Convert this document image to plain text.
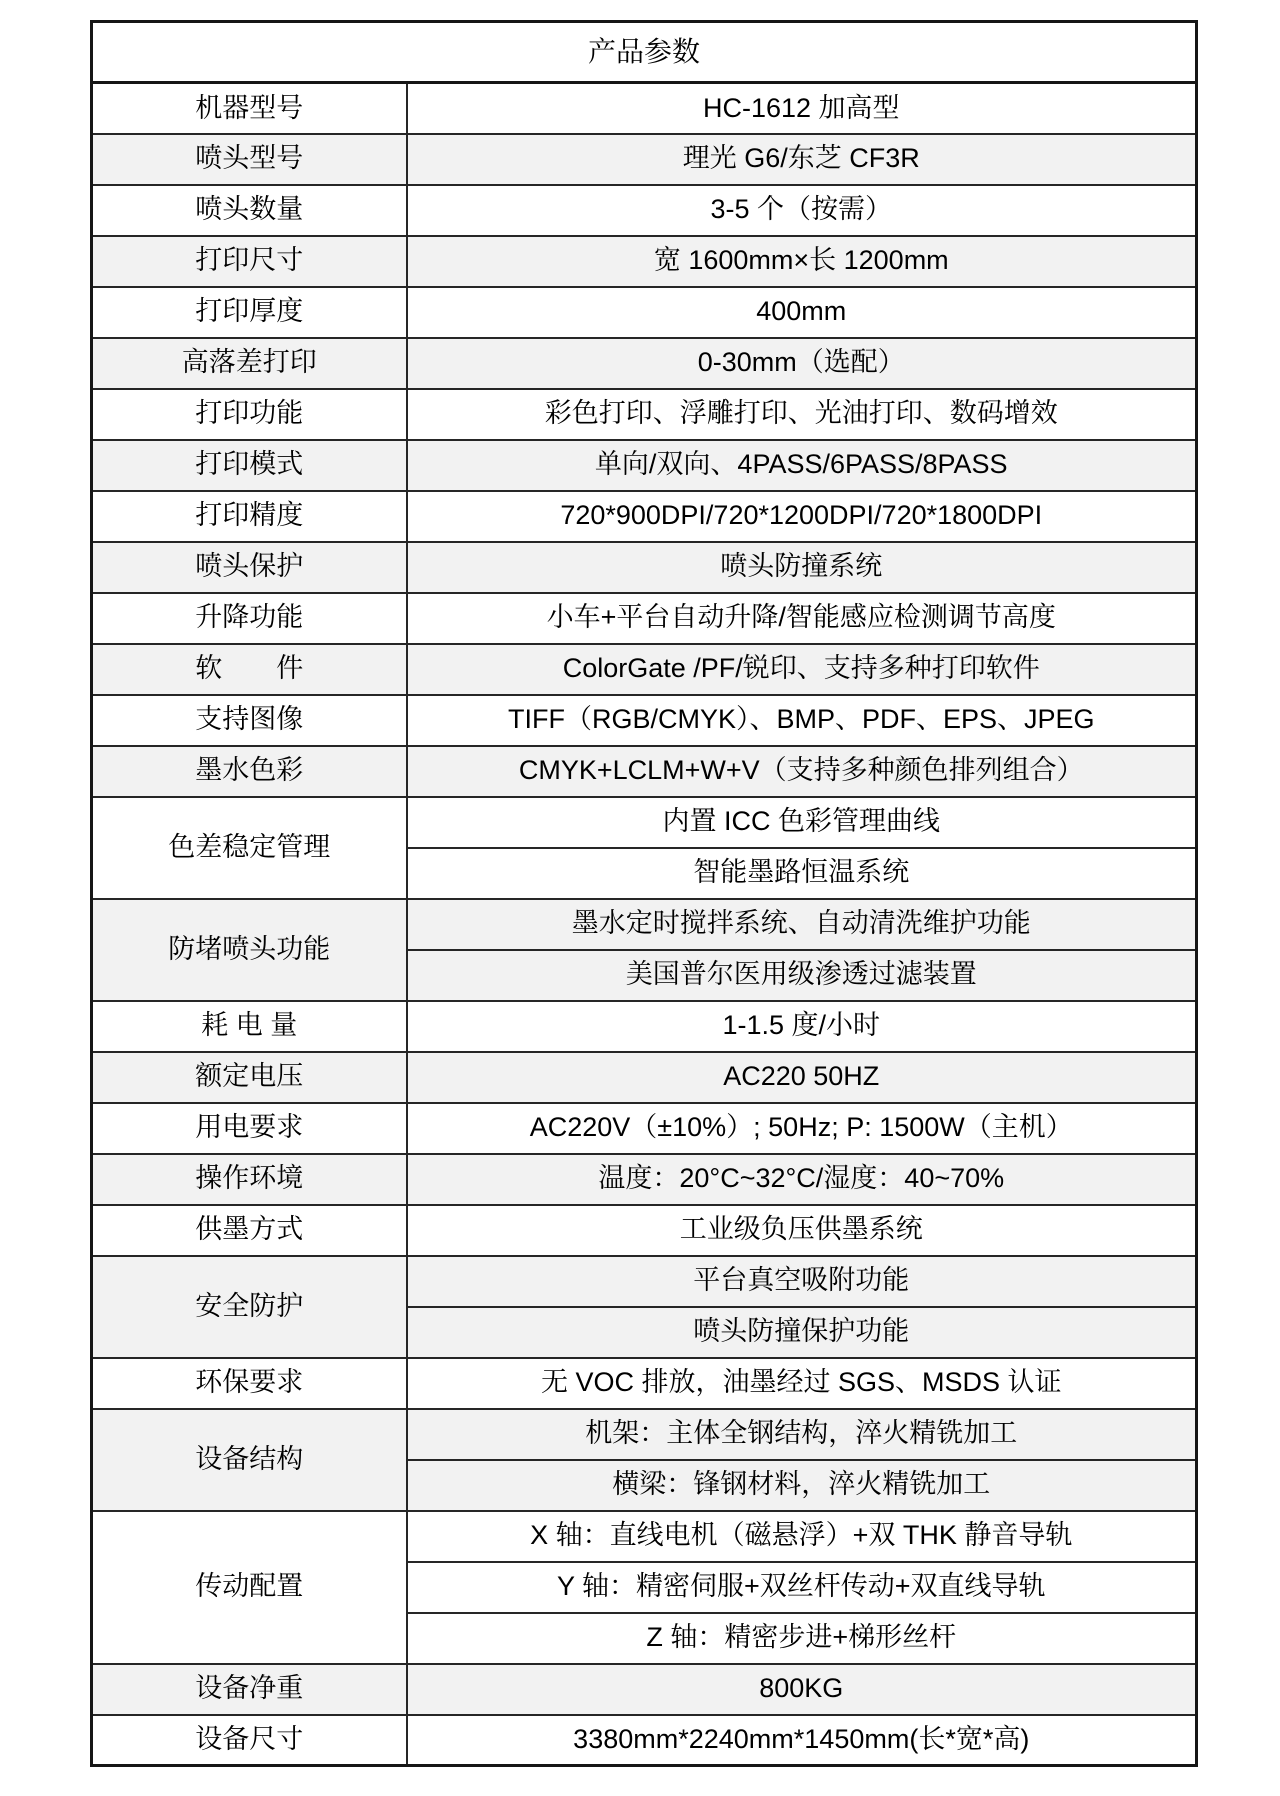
产品参数	
机器型号	HC-1612 加高型
喷头型号	理光 G6/东芝 CF3R
喷头数量	3-5 个（按需）
打印尺寸	宽 1600mm×长 1200mm
打印厚度	400mm
高落差打印	0-30mm（选配）
打印功能	彩色打印、浮雕打印、光油打印、数码增效
打印模式	单向/双向、4PASS/6PASS/8PASS
打印精度	720*900DPI/720*1200DPI/720*1800DPI
喷头保护	喷头防撞系统
升降功能	小车+平台自动升降/智能感应检测调节高度
软　　件	ColorGate /PF/锐印、支持多种打印软件
支持图像	TIFF（RGB/CMYK）、BMP、PDF、EPS、JPEG
墨水色彩	CMYK+LCLM+W+V（支持多种颜色排列组合）
色差稳定管理	内置 ICC 色彩管理曲线
	智能墨路恒温系统
防堵喷头功能	墨水定时搅拌系统、自动清洗维护功能
	美国普尔医用级渗透过滤装置
耗 电 量	1-1.5 度/小时
额定电压	AC220 50HZ
用电要求	AC220V（±10%）; 50Hz; P: 1500W（主机）
操作环境	温度：20°C~32°C/湿度：40~70%
供墨方式	工业级负压供墨系统
安全防护	平台真空吸附功能
	喷头防撞保护功能
环保要求	无 VOC 排放，油墨经过 SGS、MSDS 认证
设备结构	机架：主体全钢结构，淬火精铣加工
	横梁：锋钢材料，淬火精铣加工
传动配置	X 轴：直线电机（磁悬浮）+双 THK 静音导轨
	Y 轴：精密伺服+双丝杆传动+双直线导轨
	Z 轴：精密步进+梯形丝杆
设备净重	800KG
设备尺寸	3380mm*2240mm*1450mm(长*宽*高)
